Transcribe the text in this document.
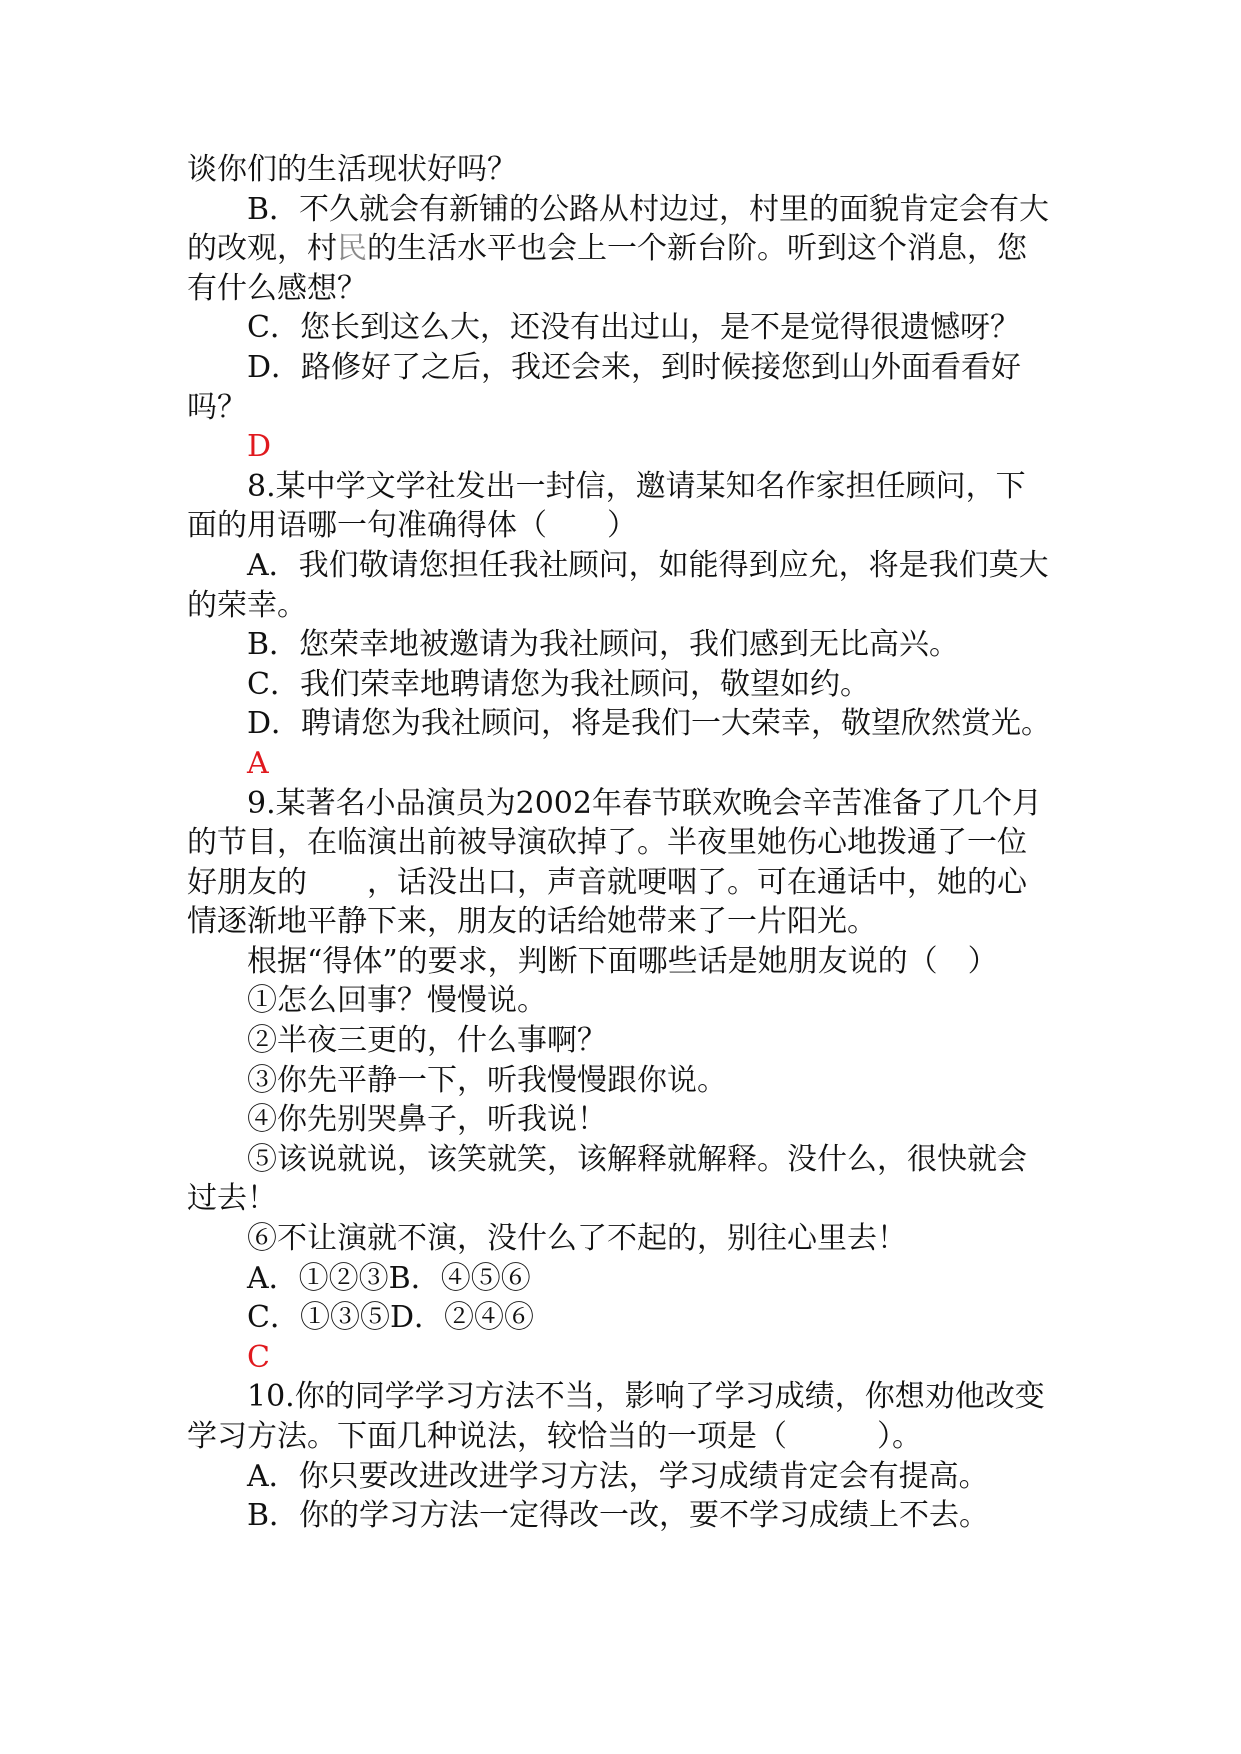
谈你们的生活现状好吗？

B．不久就会有新铺的公路从村边过，村里的面貌肯定会有大的改观，村民的生活水平也会上一个新台阶。听到这个消息，您有什么感想？

C．您长到这么大，还没有出过山，是不是觉得很遗憾呀？

D．路修好了之后，我还会来，到时候接您到山外面看看好吗？

D

8.某中学文学社发出一封信，邀请某知名作家担任顾问，下面的用语哪一句准确得体（　　）

A．我们敬请您担任我社顾问，如能得到应允，将是我们莫大的荣幸。

B．您荣幸地被邀请为我社顾问，我们感到无比高兴。

C．我们荣幸地聘请您为我社顾问，敬望如约。

D．聘请您为我社顾问，将是我们一大荣幸，敬望欣然赏光。

A

9.某著名小品演员为2002年春节联欢晚会辛苦准备了几个月的节目，在临演出前被导演砍掉了。半夜里她伤心地拨通了一位好朋友的　　，话没出口，声音就哽咽了。可在通话中，她的心情逐渐地平静下来，朋友的话给她带来了一片阳光。

根据“得体”的要求，判断下面哪些话是她朋友说的（　）

①怎么回事？慢慢说。

②半夜三更的，什么事啊？

③你先平静一下，听我慢慢跟你说。

④你先别哭鼻子，听我说！

⑤该说就说，该笑就笑，该解释就解释。没什么，很快就会过去！

⑥不让演就不演，没什么了不起的，别往心里去！

A．①②③B．④⑤⑥

C．①③⑤D．②④⑥

C

10.你的同学学习方法不当，影响了学习成绩，你想劝他改变学习方法。下面几种说法，较恰当的一项是（　　　）。

A．你只要改进改进学习方法，学习成绩肯定会有提高。

B．你的学习方法一定得改一改，要不学习成绩上不去。
